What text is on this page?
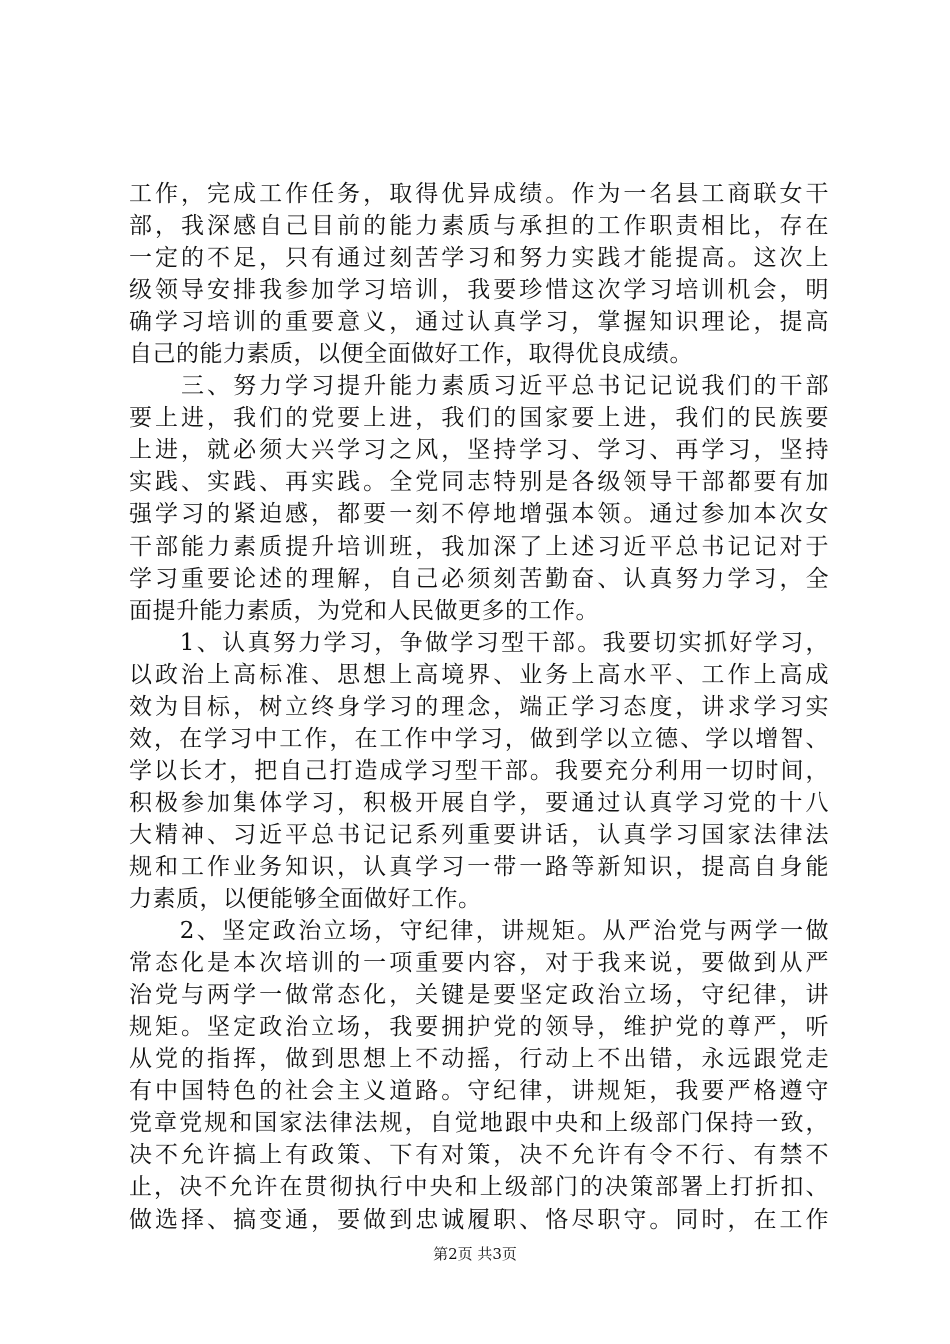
工作，完成工作任务，取得优异成绩。作为一名县工商联女干
部，我深感自己目前的能力素质与承担的工作职责相比，存在
一定的不足，只有通过刻苦学习和努力实践才能提高。这次上
级领导安排我参加学习培训，我要珍惜这次学习培训机会，明
确学习培训的重要意义，通过认真学习，掌握知识理论，提高
自己的能力素质，以便全面做好工作，取得优良成绩。
　　三、努力学习提升能力素质习近平总书记记说我们的干部
要上进，我们的党要上进，我们的国家要上进，我们的民族要
上进，就必须大兴学习之风，坚持学习、学习、再学习，坚持
实践、实践、再实践。全党同志特别是各级领导干部都要有加
强学习的紧迫感，都要一刻不停地增强本领。通过参加本次女
干部能力素质提升培训班，我加深了上述习近平总书记记对于
学习重要论述的理解，自己必须刻苦勤奋、认真努力学习，全
面提升能力素质，为党和人民做更多的工作。
　　1、认真努力学习，争做学习型干部。我要切实抓好学习，
以政治上高标准、思想上高境界、业务上高水平、工作上高成
效为目标，树立终身学习的理念，端正学习态度，讲求学习实
效，在学习中工作，在工作中学习，做到学以立德、学以增智、
学以长才，把自己打造成学习型干部。我要充分利用一切时间，
积极参加集体学习，积极开展自学，要通过认真学习党的十八
大精神、习近平总书记记系列重要讲话，认真学习国家法律法
规和工作业务知识，认真学习一带一路等新知识，提高自身能
力素质，以便能够全面做好工作。
　　2、坚定政治立场，守纪律，讲规矩。从严治党与两学一做
常态化是本次培训的一项重要内容，对于我来说，要做到从严
治党与两学一做常态化，关键是要坚定政治立场，守纪律，讲
规矩。坚定政治立场，我要拥护党的领导，维护党的尊严，听
从党的指挥，做到思想上不动摇，行动上不出错，永远跟党走
有中国特色的社会主义道路。守纪律，讲规矩，我要严格遵守
党章党规和国家法律法规，自觉地跟中央和上级部门保持一致，
决不允许搞上有政策、下有对策，决不允许有令不行、有禁不
止，决不允许在贯彻执行中央和上级部门的决策部署上打折扣、
做选择、搞变通，要做到忠诚履职、恪尽职守。同时，在工作
第2页 共3页
